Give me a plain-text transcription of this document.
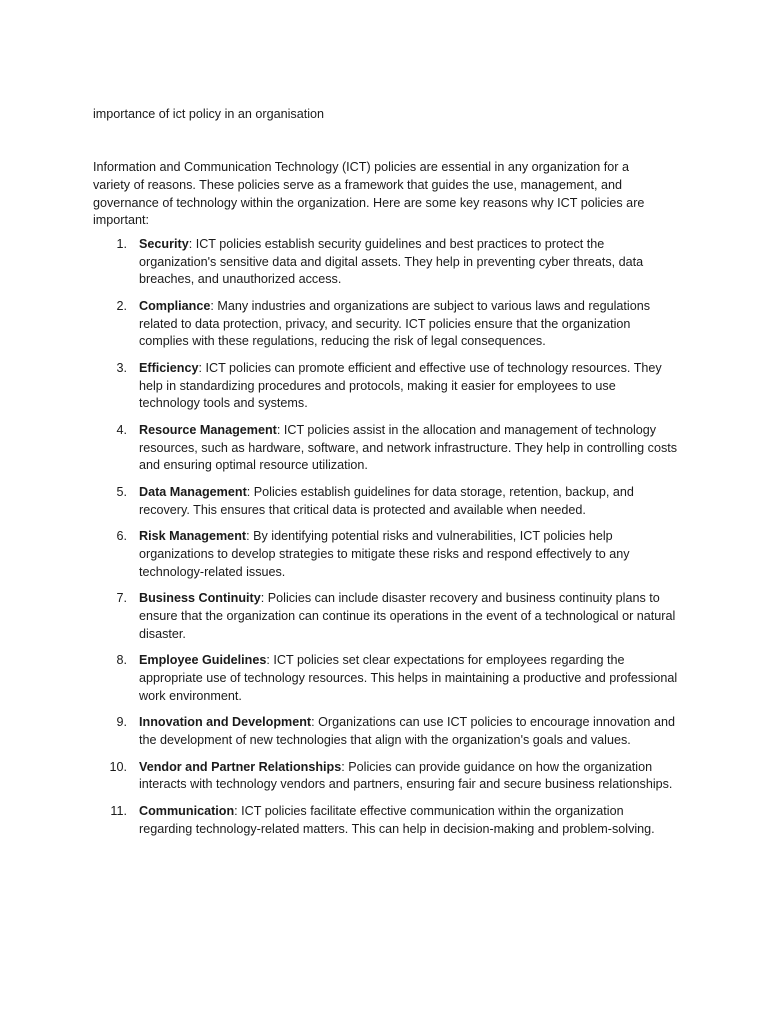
importance of ict policy in an organisation

Information and Communication Technology (ICT) policies are essential in any organization for a variety of reasons. These policies serve as a framework that guides the use, management, and governance of technology within the organization. Here are some key reasons why ICT policies are important:

1. Security: ICT policies establish security guidelines and best practices to protect the organization's sensitive data and digital assets. They help in preventing cyber threats, data breaches, and unauthorized access.
2. Compliance: Many industries and organizations are subject to various laws and regulations related to data protection, privacy, and security. ICT policies ensure that the organization complies with these regulations, reducing the risk of legal consequences.
3. Efficiency: ICT policies can promote efficient and effective use of technology resources. They help in standardizing procedures and protocols, making it easier for employees to use technology tools and systems.
4. Resource Management: ICT policies assist in the allocation and management of technology resources, such as hardware, software, and network infrastructure. They help in controlling costs and ensuring optimal resource utilization.
5. Data Management: Policies establish guidelines for data storage, retention, backup, and recovery. This ensures that critical data is protected and available when needed.
6. Risk Management: By identifying potential risks and vulnerabilities, ICT policies help organizations to develop strategies to mitigate these risks and respond effectively to any technology-related issues.
7. Business Continuity: Policies can include disaster recovery and business continuity plans to ensure that the organization can continue its operations in the event of a technological or natural disaster.
8. Employee Guidelines: ICT policies set clear expectations for employees regarding the appropriate use of technology resources. This helps in maintaining a productive and professional work environment.
9. Innovation and Development: Organizations can use ICT policies to encourage innovation and the development of new technologies that align with the organization's goals and values.
10. Vendor and Partner Relationships: Policies can provide guidance on how the organization interacts with technology vendors and partners, ensuring fair and secure business relationships.
11. Communication: ICT policies facilitate effective communication within the organization regarding technology-related matters. This can help in decision-making and problem-solving.
